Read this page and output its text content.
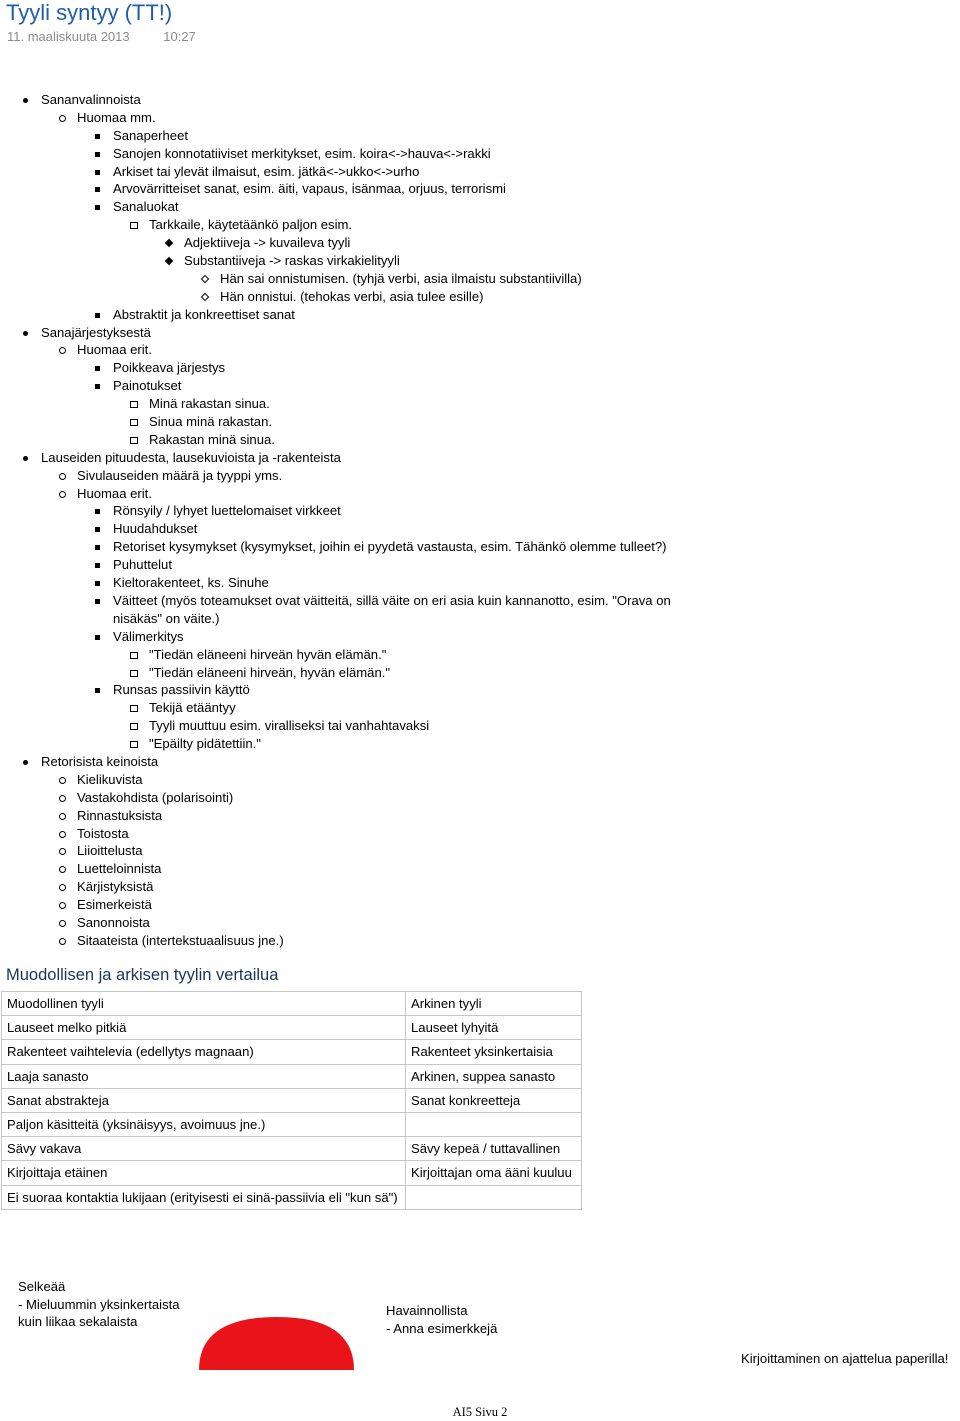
Tyyli syntyy (TT!)
11. maaliskuuta 2013	10:27
Sananvalinnoista
Huomaa mm.
Sanaperheet
Sanojen konnotatiiviset merkitykset, esim. koira<->hauva<->rakki
Arkiset tai ylevät ilmaisut, esim. jätkä<->ukko<->urho
Arvovärritteiset sanat, esim. äiti, vapaus, isänmaa, orjuus, terrorismi
Sanaluokat
Tarkkaile, käytetäänkö paljon esim.
Adjektiiveja -> kuvaileva tyyli
Substantiiveja -> raskas virkakielityyli
Hän sai onnistumisen. (tyhjä verbi, asia ilmaistu substantiivilla)
Hän onnistui. (tehokas verbi, asia tulee esille)
Abstraktit ja konkreettiset sanat
Sanajärjestyksestä
Huomaa erit.
Poikkeava järjestys
Painotukset
Minä rakastan sinua.
Sinua minä rakastan.
Rakastan minä sinua.
Lauseiden pituudesta, lausekuvioista ja -rakenteista
Sivulauseiden määrä ja tyyppi yms.
Huomaa erit.
Rönsyily / lyhyet luettelomaiset virkkeet
Huudahdukset
Retoriset kysymykset (kysymykset, joihin ei pyydetä vastausta, esim. Tähänkö olemme tulleet?)
Puhuttelut
Kieltorakenteet, ks. Sinuhe
Väitteet (myös toteamukset ovat väitteitä, sillä väite on eri asia kuin kannanotto, esim. "Orava on nisäkäs" on väite.)
Välimerkitys
"Tiedän eläneeni hirveän hyvän elämän."
"Tiedän eläneeni hirveän, hyvän elämän."
Runsas passiivin käyttö
Tekijä etääntyy
Tyyli muuttuu esim. viralliseksi tai vanhahtavaksi
"Epäilty pidätettiin."
Retorisista keinoista
Kielikuvista
Vastakohdista (polarisointi)
Rinnastuksista
Toistosta
Liioittelusta
Luetteloinnista
Kärjistyksistä
Esimerkeistä
Sanonnoista
Sitaateista (intertekstuaalisuus jne.)
Muodollisen ja arkisen tyylin vertailua
Muodollinen tyyli	Arkinen tyyli
Lauseet melko pitkiä	Lauseet lyhyitä
Rakenteet vaihtelevia (edellytys magnaan)	Rakenteet yksinkertaisia
Laaja sanasto	Arkinen, suppea sanasto
Sanat abstrakteja	Sanat konkreetteja
Paljon käsitteitä (yksinäisyys, avoimuus jne.)	
Sävy vakava	Sävy kepeä / tuttavallinen
Kirjoittaja etäinen	Kirjoittajan oma ääni kuuluu
Ei suoraa kontaktia lukijaan (erityisesti ei sinä-passiivia eli "kun sä")	
Selkeää
- Mieluummin yksinkertaista
kuin liikaa sekalaista
Havainnollista
- Anna esimerkkejä
Kirjoittaminen on ajattelua paperilla!
AI5 Sivu 2
